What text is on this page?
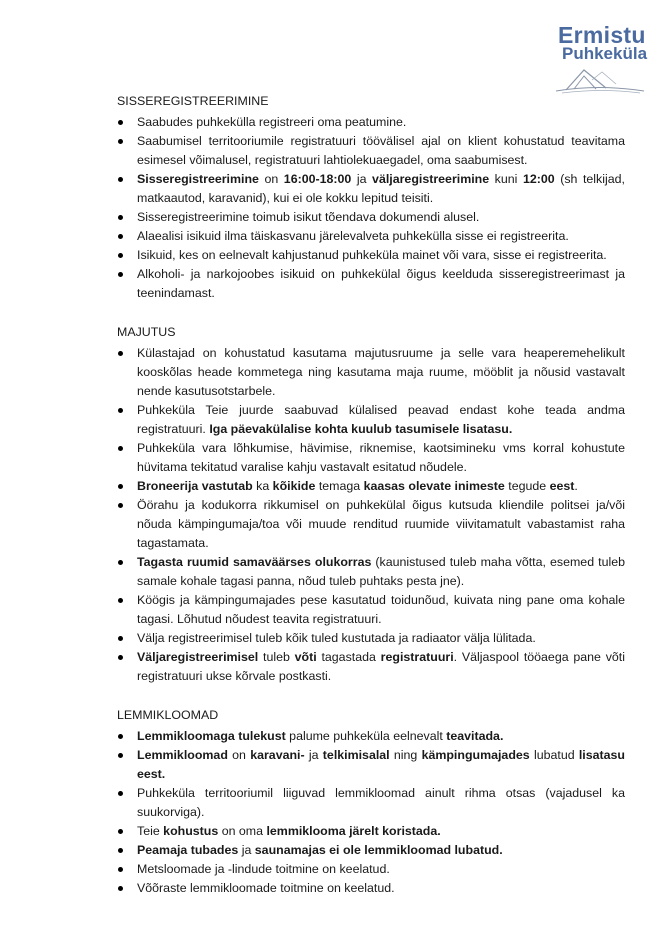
Ermistu
Puhkeküla
SISSEREGISTREERIMINE
Saabudes puhkekülla registreeri oma peatumine.
Saabumisel territooriumile registratuuri töövälisel ajal on klient kohustatud teavitama esimesel võimalusel, registratuuri lahtiolekuaegadel, oma saabumisest.
Sisseregistreerimine on 16:00-18:00 ja väljaregistreerimine kuni 12:00 (sh telkijad, matkaautod, karavanid), kui ei ole kokku lepitud teisiti.
Sisseregistreerimine toimub isikut tõendava dokumendi alusel.
Alaealisi isikuid ilma täiskasvanu järelevalveta puhkekülla sisse ei registreerita.
Isikuid, kes on eelnevalt kahjustanud puhkeküla mainet või vara, sisse ei registreerita.
Alkoholi- ja narkojoobes isikuid on puhkekülal õigus keelduda sisseregistreerimast ja teenindamast.
MAJUTUS
Külastajad on kohustatud kasutama majutusruume ja selle vara heaperemehelikult kooskõlas heade kommetega ning kasutama maja ruume, mööblit ja nõusid vastavalt nende kasutusotstarbele.
Puhkeküla Teie juurde saabuvad külalised peavad endast kohe teada andma registratuuri. Iga päevakülalise kohta kuulub tasumisele lisatasu.
Puhkeküla vara lõhkumise, hävimise, riknemise, kaotsimineku vms korral kohustute hüvitama tekitatud varalise kahju vastavalt esitatud nõudele.
Broneerija vastutab ka kõikide temaga kaasas olevate inimeste tegude eest.
Öörahu ja kodukorra rikkumisel on puhkekülal õigus kutsuda kliendile politsei ja/või nõuda kämpingumaja/toa või muude renditud ruumide viivitamatult vabastamist raha tagastamata.
Tagasta ruumid samaväärses olukorras (kaunistused tuleb maha võtta, esemed tuleb samale kohale tagasi panna, nõud tuleb puhtaks pesta jne).
Köögis ja kämpingumajades pese kasutatud toidunõud, kuivata ning pane oma kohale tagasi. Lõhutud nõudest teavita registratuuri.
Välja registreerimisel tuleb kõik tuled kustutada ja radiaator välja lülitada.
Väljaregistreerimisel tuleb võti tagastada registratuuri. Väljaspool tööaega pane võti registratuuri ukse kõrvale postkasti.
LEMMIKLOOMAD
Lemmikloomaga tulekust palume puhkeküla eelnevalt teavitada.
Lemmikloomad on karavani- ja telkimisalal ning kämpingumajades lubatud lisatasu eest.
Puhkeküla territooriumil liiguvad lemmikloomad ainult rihma otsas (vajadusel ka suukorviga).
Teie kohustus on oma lemmiklooma järelt koristada.
Peamaja tubades ja saunamajas ei ole lemmikloomad lubatud.
Metsloomade ja -lindude toitmine on keelatud.
Võõraste lemmikloomade toitmine on keelatud.
